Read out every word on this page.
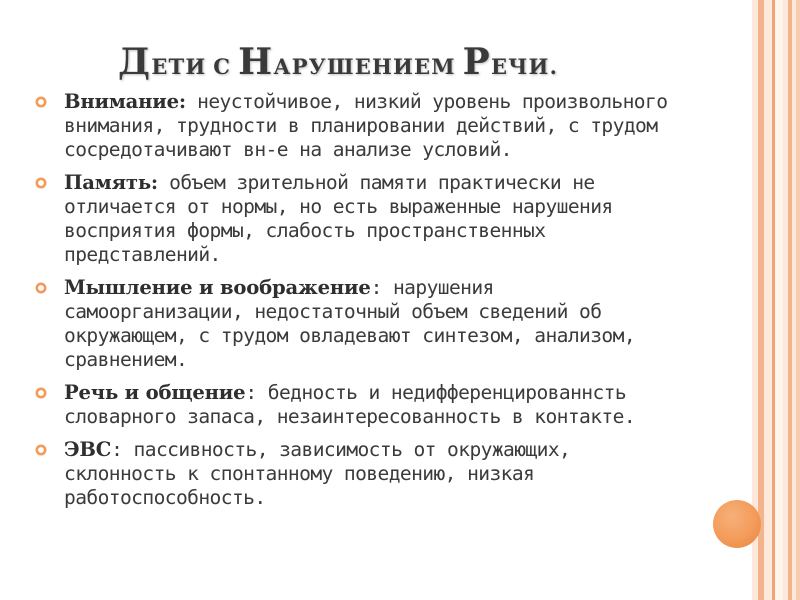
ДЕТИ С НАРУШЕНИЕМ РЕЧИ.
Внимание: неустойчивое, низкий уровень произвольного внимания, трудности в планировании действий, с трудом сосредотачивают вн-е на анализе условий.
Память: объем зрительной памяти практически не отличается от нормы, но есть выраженные нарушения восприятия формы, слабость пространственных представлений.
Мышление и воображение: нарушения самоорганизации, недостаточный объем сведений об окружающем, с трудом овладевают синтезом, анализом, сравнением.
Речь и общение: бедность и недифференцированнсть словарного запаса, незаинтересованность в контакте.
ЭВС: пассивность, зависимость от окружающих, склонность к спонтанному поведению, низкая работоспособность.
